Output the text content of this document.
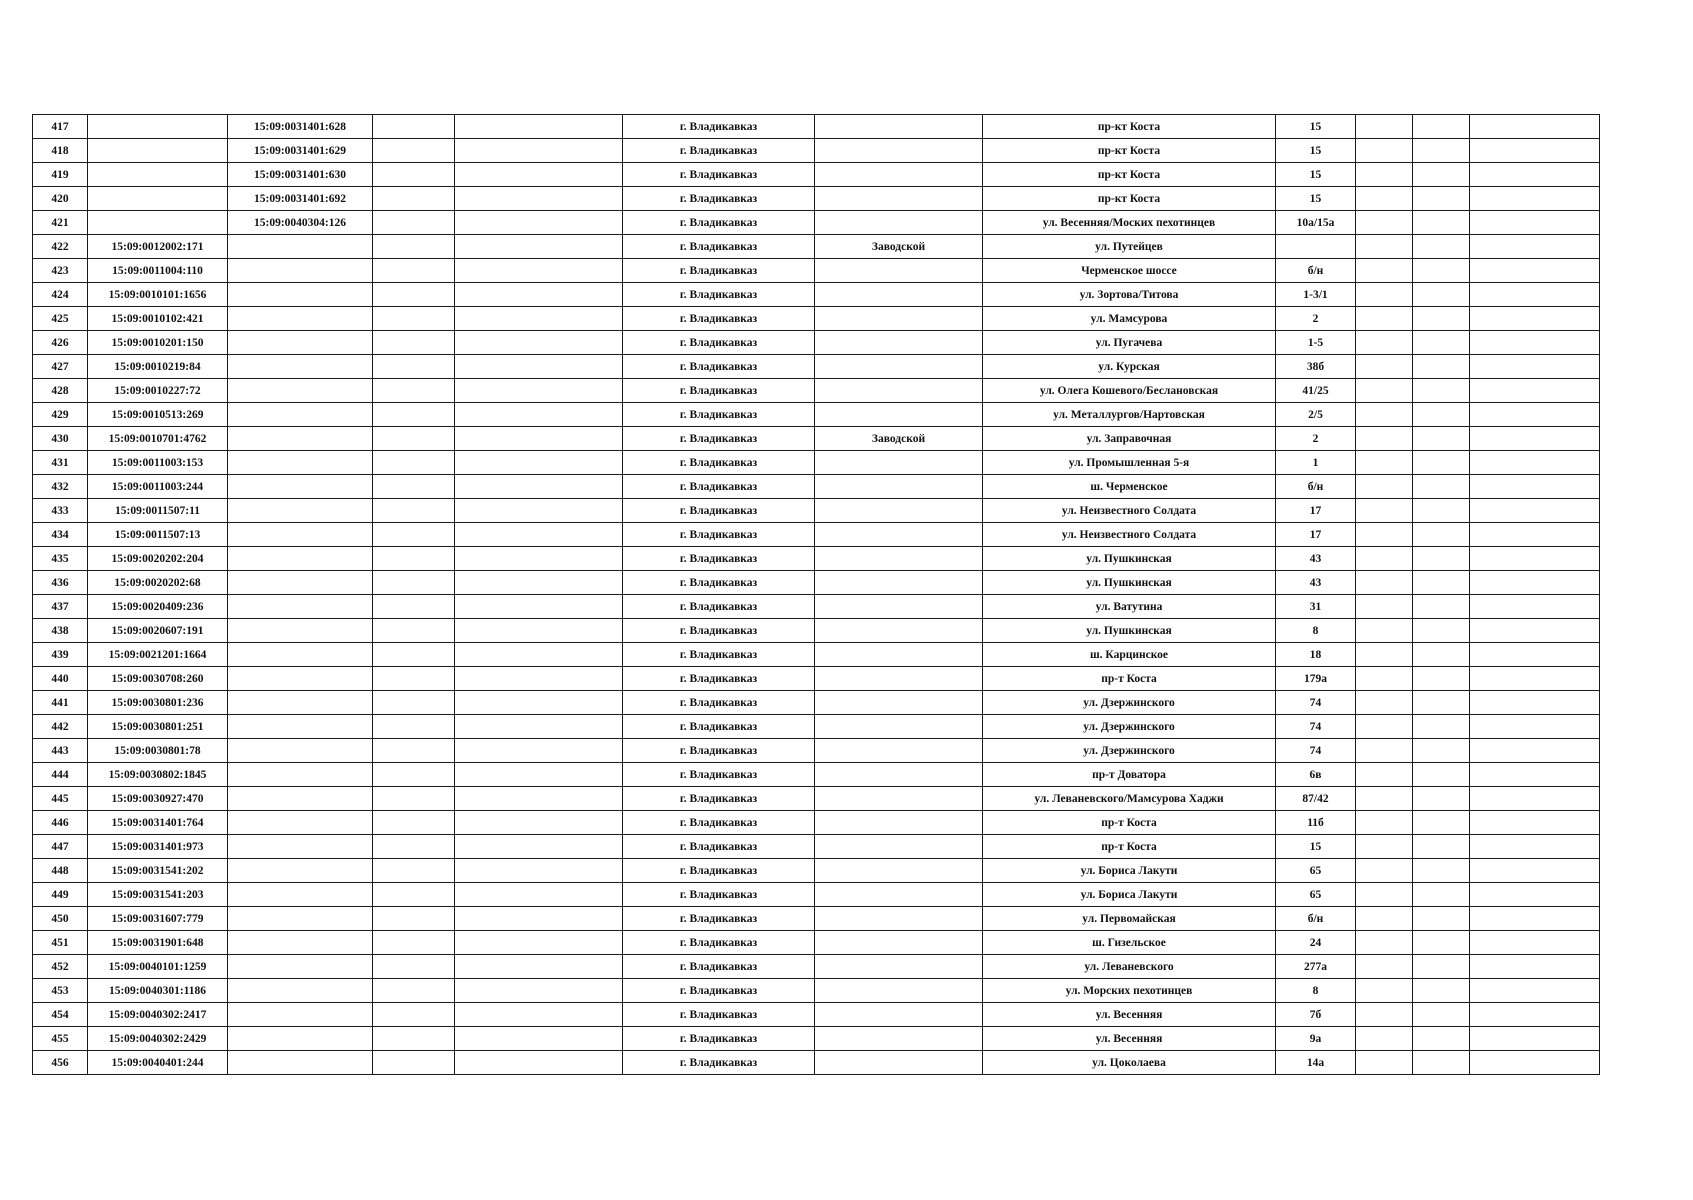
417		15:09:0031401:628			г. Владикавказ		пр-кт Коста	15			
418		15:09:0031401:629			г. Владикавказ		пр-кт Коста	15			
419		15:09:0031401:630			г. Владикавказ		пр-кт Коста	15			
420		15:09:0031401:692			г. Владикавказ		пр-кт Коста	15			
421		15:09:0040304:126			г. Владикавказ		ул. Весенняя/Моских пехотинцев	10а/15а			
422	15:09:0012002:171				г. Владикавказ	Заводской	ул. Путейцев				
423	15:09:0011004:110				г. Владикавказ		Черменское шоссе	б/н			
424	15:09:0010101:1656				г. Владикавказ		ул. Зортова/Титова	1-3/1			
425	15:09:0010102:421				г. Владикавказ		ул. Мамсурова	2			
426	15:09:0010201:150				г. Владикавказ		ул. Пугачева	1-5			
427	15:09:0010219:84				г. Владикавказ		ул. Курская	38б			
428	15:09:0010227:72				г. Владикавказ		ул. Олега Кошевого/Беслановская	41/25			
429	15:09:0010513:269				г. Владикавказ		ул. Металлургов/Нартовская	2/5			
430	15:09:0010701:4762				г. Владикавказ	Заводской	ул. Заправочная	2			
431	15:09:0011003:153				г. Владикавказ		ул. Промышленная 5-я	1			
432	15:09:0011003:244				г. Владикавказ		ш. Черменское	б/н			
433	15:09:0011507:11				г. Владикавказ		ул. Неизвестного Солдата	17			
434	15:09:0011507:13				г. Владикавказ		ул. Неизвестного Солдата	17			
435	15:09:0020202:204				г. Владикавказ		ул. Пушкинская	43			
436	15:09:0020202:68				г. Владикавказ		ул. Пушкинская	43			
437	15:09:0020409:236				г. Владикавказ		ул. Ватутина	31			
438	15:09:0020607:191				г. Владикавказ		ул. Пушкинская	8			
439	15:09:0021201:1664				г. Владикавказ		ш. Карцинское	18			
440	15:09:0030708:260				г. Владикавказ		пр-т Коста	179а			
441	15:09:0030801:236				г. Владикавказ		ул. Дзержинского	74			
442	15:09:0030801:251				г. Владикавказ		ул. Дзержинского	74			
443	15:09:0030801:78				г. Владикавказ		ул. Дзержинского	74			
444	15:09:0030802:1845				г. Владикавказ		пр-т Доватора	6в			
445	15:09:0030927:470				г. Владикавказ		ул. Леваневского/Мамсурова Хаджи	87/42			
446	15:09:0031401:764				г. Владикавказ		пр-т Коста	11б			
447	15:09:0031401:973				г. Владикавказ		пр-т Коста	15			
448	15:09:0031541:202				г. Владикавказ		ул. Бориса Лакути	65			
449	15:09:0031541:203				г. Владикавказ		ул. Бориса Лакути	65			
450	15:09:0031607:779				г. Владикавказ		ул. Первомайская	б/н			
451	15:09:0031901:648				г. Владикавказ		ш. Гизельское	24			
452	15:09:0040101:1259				г. Владикавказ		ул. Леваневского	277а			
453	15:09:0040301:1186				г. Владикавказ		ул. Морских пехотинцев	8			
454	15:09:0040302:2417				г. Владикавказ		ул. Весенняя	7б			
455	15:09:0040302:2429				г. Владикавказ		ул. Весенняя	9а			
456	15:09:0040401:244				г. Владикавказ		ул. Цоколаева	14а			
